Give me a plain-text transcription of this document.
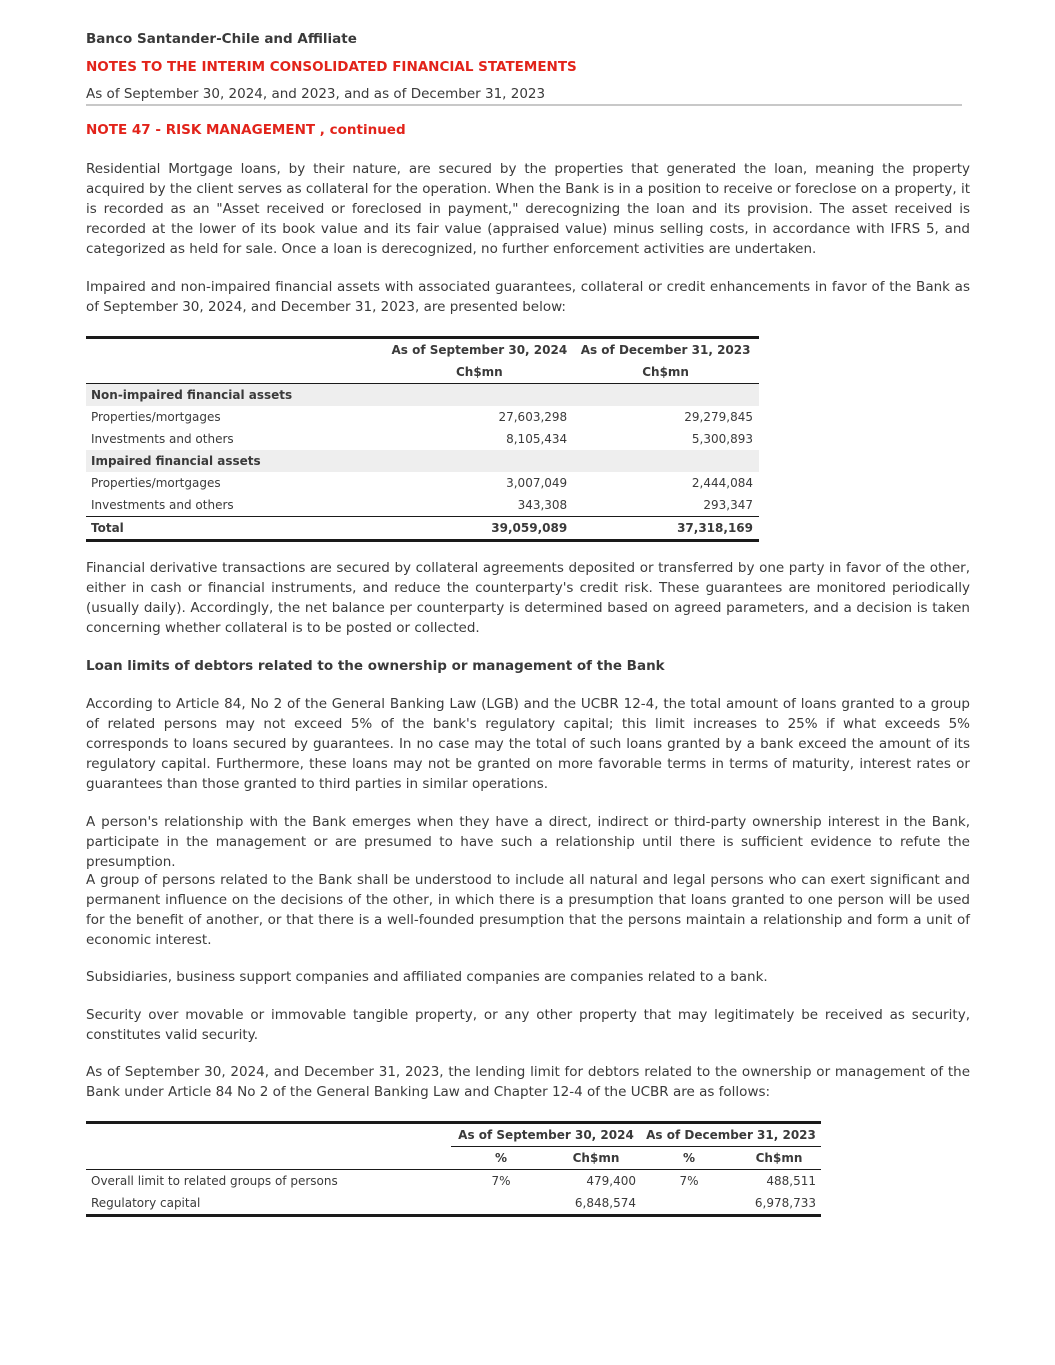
Banco Santander-Chile and Affiliate
NOTES TO THE INTERIM CONSOLIDATED FINANCIAL STATEMENTS
As of September 30, 2024, and 2023, and as of December 31, 2023
NOTE 47 - RISK MANAGEMENT , continued

Residential Mortgage loans, by their nature, are secured by the properties that generated the loan, meaning the property acquired by the client serves as collateral for the operation. When the Bank is in a position to receive or foreclose on a property, it is recorded as an "Asset received or foreclosed in payment," derecognizing the loan and its provision. The asset received is recorded at the lower of its book value and its fair value (appraised value) minus selling costs, in accordance with IFRS 5, and categorized as held for sale. Once a loan is derecognized, no further enforcement activities are undertaken.

Impaired and non-impaired financial assets with associated guarantees, collateral or credit enhancements in favor of the Bank as of September 30, 2024, and December 31, 2023, are presented below:

	As of September 30, 2024	As of December 31, 2023
	Ch$mn	Ch$mn
Non-impaired financial assets		
Properties/mortgages	27,603,298	29,279,845
Investments and others	8,105,434	5,300,893
Impaired financial assets		
Properties/mortgages	3,007,049	2,444,084
Investments and others	343,308	293,347
Total	39,059,089	37,318,169

Financial derivative transactions are secured by collateral agreements deposited or transferred by one party in favor of the other, either in cash or financial instruments, and reduce the counterparty's credit risk. These guarantees are monitored periodically (usually daily). Accordingly, the net balance per counterparty is determined based on agreed parameters, and a decision is taken concerning whether collateral is to be posted or collected.

Loan limits of debtors related to the ownership or management of the Bank

According to Article 84, No 2 of the General Banking Law (LGB) and the UCBR 12-4, the total amount of loans granted to a group of related persons may not exceed 5% of the bank's regulatory capital; this limit increases to 25% if what exceeds 5% corresponds to loans secured by guarantees. In no case may the total of such loans granted by a bank exceed the amount of its regulatory capital. Furthermore, these loans may not be granted on more favorable terms in terms of maturity, interest rates or guarantees than those granted to third parties in similar operations.

A person's relationship with the Bank emerges when they have a direct, indirect or third-party ownership interest in the Bank, participate in the management or are presumed to have such a relationship until there is sufficient evidence to refute the presumption.

A group of persons related to the Bank shall be understood to include all natural and legal persons who can exert significant and permanent influence on the decisions of the other, in which there is a presumption that loans granted to one person will be used for the benefit of another, or that there is a well-founded presumption that the persons maintain a relationship and form a unit of economic interest.

Subsidiaries, business support companies and affiliated companies are companies related to a bank.

Security over movable or immovable tangible property, or any other property that may legitimately be received as security, constitutes valid security.

As of September 30, 2024, and December 31, 2023, the lending limit for debtors related to the ownership or management of the Bank under Article 84 No 2 of the General Banking Law and Chapter 12-4 of the UCBR are as follows:

	As of September 30, 2024		As of December 31, 2023	
	%	Ch$mn	%	Ch$mn
Overall limit to related groups of persons	7%	479,400	7%	488,511
Regulatory capital		6,848,574		6,978,733
